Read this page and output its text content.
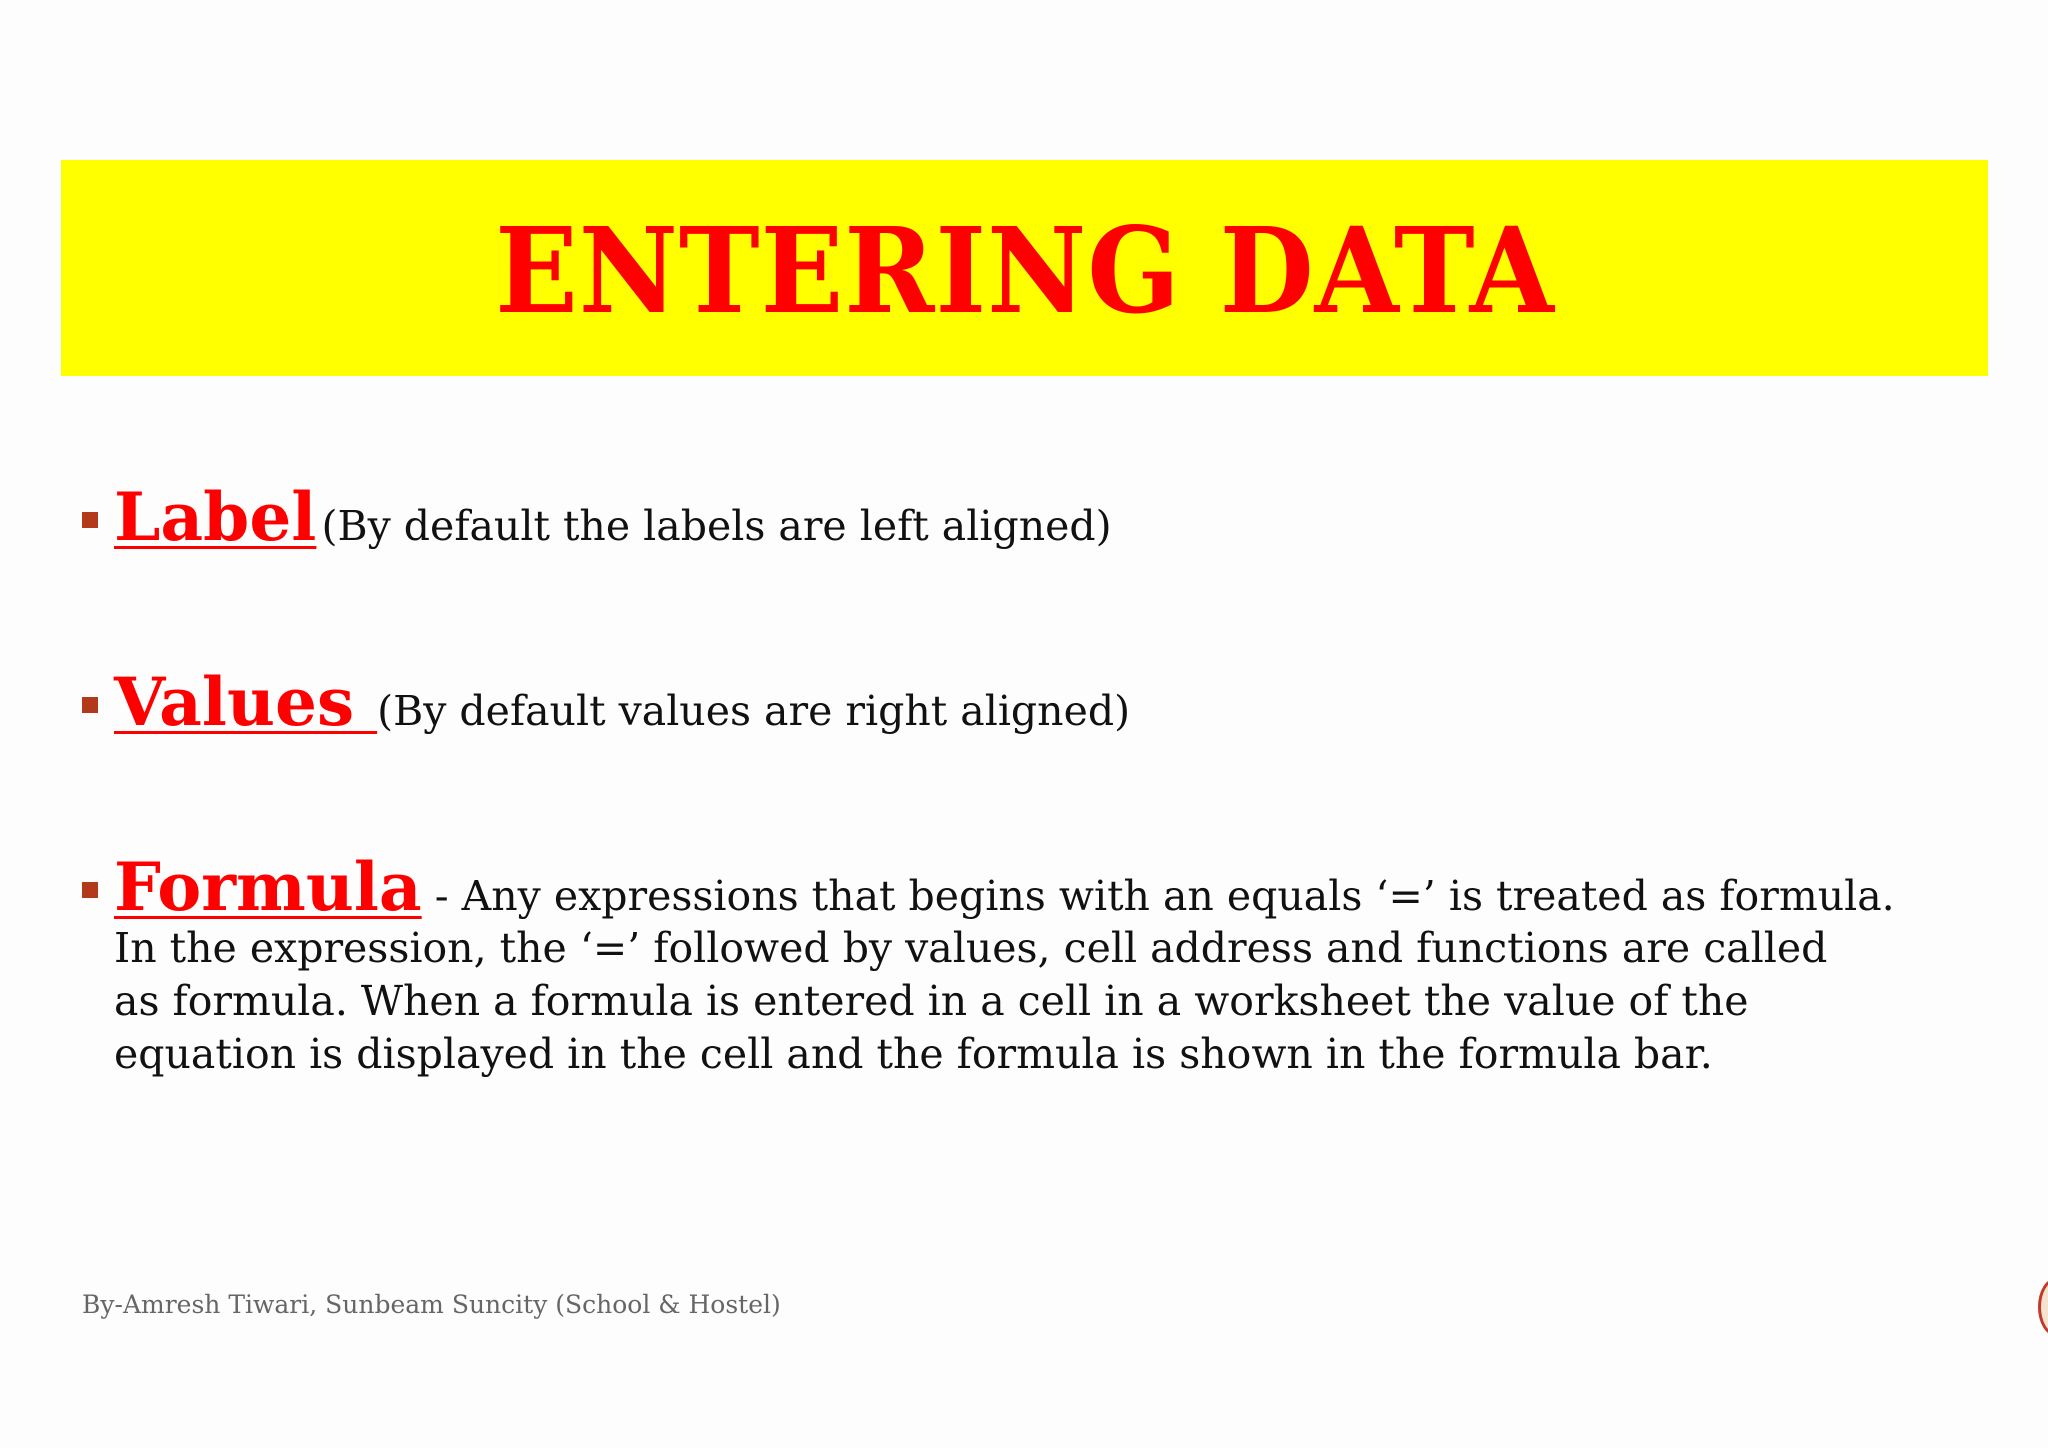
ENTERING DATA
Label (By default the labels are left aligned)
Values (By default values are right aligned)
Formula - Any expressions that begins with an equals ‘=’ is treated as formula.
In the expression, the ‘=’ followed by values, cell address and functions are called
as formula. When a formula is entered in a cell in a worksheet the value of the
equation is displayed in the cell and the formula is shown in the formula bar.
By-Amresh Tiwari, Sunbeam Suncity (School & Hostel)
